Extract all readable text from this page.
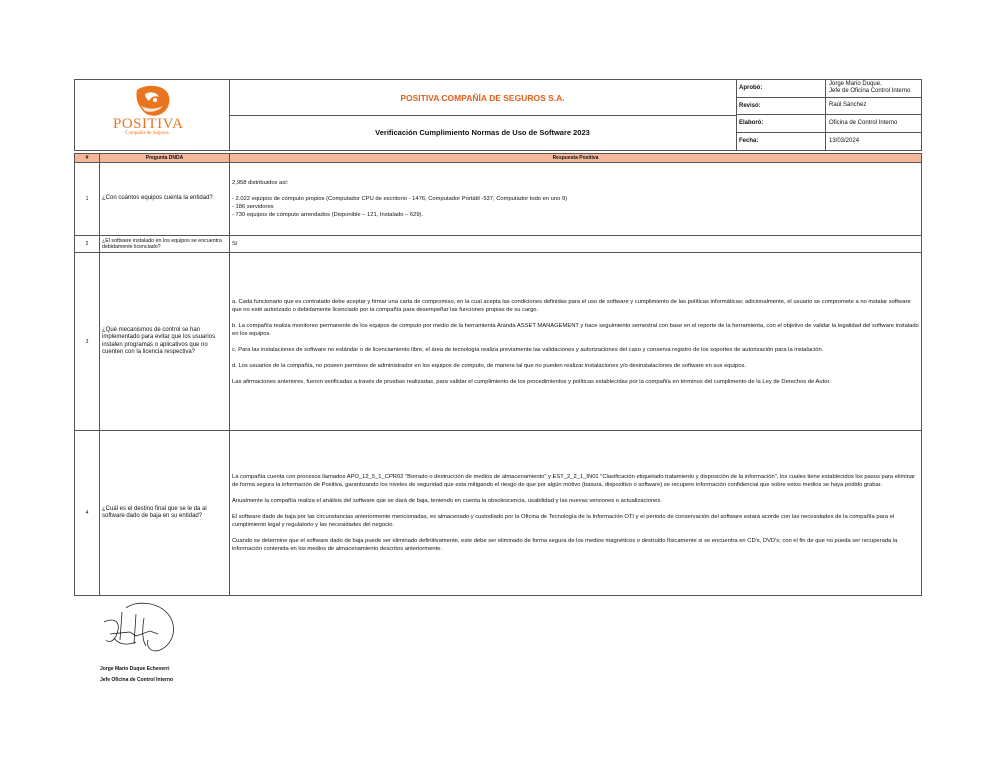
POSITIVA
Compañía de Seguros
POSITIVA COMPAÑÍA DE SEGUROS S.A.
Verificación Cumplimiento Normas de Uso de Software 2023
Aprobó:
Jorge Mario Duque.
Jefe de Oficina Control Interno
Revisó:	Raúl Sánchez
Elaboró:	Oficina de Control Interno
Fecha:	13/03/2024
#	Pregunta DNDA	Respuesta Positiva
1	¿Con cuántos equipos cuenta la entidad?	2,958 distribuidos así:

- 2.022 equipos de cómputo propios (Computador CPU de escritorio - 1476, Computador Portátil -537, Computador todo en uno 9)

- 186 servidores

- 730 equipos de cómputo arrendados (Disponible – 121, Instalado – 629).

2	¿El software instalado en los equipos se encuentra debidamente licenciado?	Sí
3	¿Qué mecanismos de control se han implementado para evitar que los usuarios instalen programas o aplicativos que no cuenten con la licencia respectiva?	a. Cada funcionario que es contratado debe aceptar y firmar una carta de compromiso, en la cual acepta las condiciones definidas para el uso de software y cumplimiento de las políticas informáticas; adicionalmente, el usuario se compromete a no instalar software que no esté autorizado o debidamente licenciado por la compañía para desempeñar las funciones propias de su cargo.

b. La compañía realiza monitoreo permanente de los equipos de computo por medio de la herramienta Aranda ASSET MANAGEMENT y hace seguimiento semestral con base en el reporte de la herramienta, con el objetivo de validar la legalidad del software instalado en los equipos.

c. Para las instalaciones de software no estándar o de licenciamiento libre, el área de tecnología realiza previamente las validaciones y autorizaciones del caso y conserva registro de los soportes de autorización para la instalación.

d. Los usuarios de la compañía, no poseen permisos de administrador en los equipos de computo, de manera tal que no pueden realizar instalaciones y/o desinstalaciones de software en sus equipos.

Las afirmaciones anteriores, fueron verificadas a través de pruebas realizadas, para validar el cumplimiento de los procedimientos y políticas establecidas por la compañía en términos del cumplimento de la Ley de Derechos de Autor.

4	¿Cuál es el destino final que se le da al software dado de baja en su entidad?	La compañía cuenta con procesos llamados APO_12_5_1_CPR02 "Borrado o destrucción de medios de almacenamiento" y EST_2_2_1_IN01 "Clasificación etiquetado tratamiento y disposición de la información", los cuales tiene establecidos los pasos para eliminar de forma segura la información de Positiva, garantizando los niveles de seguridad que esta mitigando el riesgo de que por algún motivo (basura, dispositivo o software) se recupere información confidencial que sobre estos medios se haya podido grabar.

Anualmente la compañía realiza el análisis del software que se dará de baja, teniendo en cuenta la obsolescencia, usabilidad y las nuevas versiones o actualizaciones.

El software dado de baja por las circunstancias anteriormente mencionadas, es almacenado y custodiado por la Oficina de Tecnología de la Información OTI y el periodo de conservación del software estará acorde con las necesidades de la compañía para el cumplimiento legal y regulatorio y las necesidades del negocio.

Cuando se determine que el software dado de baja puede ser eliminado definitivamente, este debe ser eliminado de forma segura de los medios magnéticos o destruido físicamente si se encuentra en CD's, DVD's; con el fin de que no pueda ser recuperada la información contenida en los medios de almacenamiento descritos anteriormente.

Jorge Mario Duque Echeverri
Jefe Oficina de Control Interno
